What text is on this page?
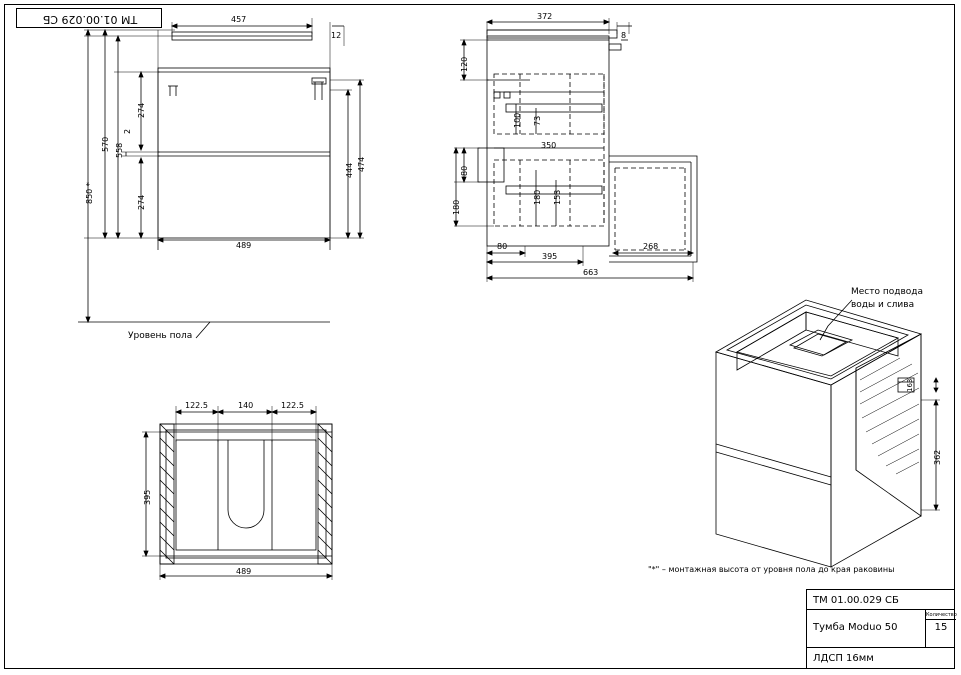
ТМ 01.00.029 СБ	457
12
489
274
274
2
558
570
850 *
444 474
Уровень пола
372
8
120
100 73
350
80
180
180 153
80
395
268
663
122.5	140	122.5
395
489
Место подвода
воды и слива
163
362
"*" – монтажная высота от уровня пола до края раковины
ТМ 01.00.029 СБ
Тумба Moduo 50
Количество
15
ЛДСП 16мм
